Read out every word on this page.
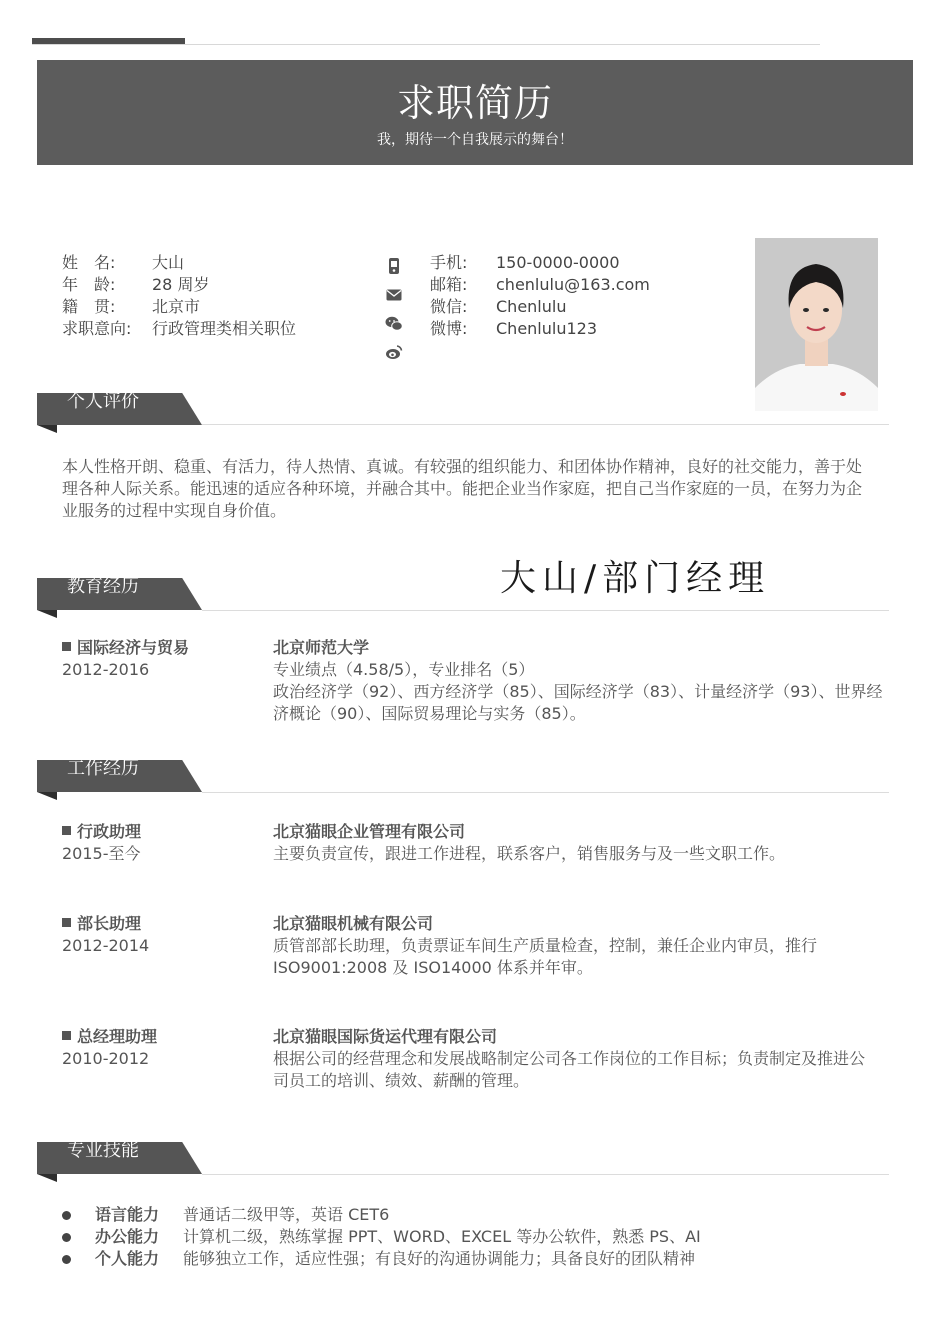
求职简历
我，期待一个自我展示的舞台！
姓　名: 大山
年　龄: 28 周岁
籍　贯: 北京市
求职意向: 行政管理类相关职位
手机: 150-0000-0000
邮箱: chenlulu@163.com
微信: Chenlulu
微博: Chenlulu123
个人评价
本人性格开朗、稳重、有活力，待人热情、真诚。有较强的组织能力、和团体协作精神，良好的社交能力，善于处理各种人际关系。能迅速的适应各种环境，并融合其中。能把企业当作家庭，把自己当作家庭的一员，在努力为企业服务的过程中实现自身价值。
大山/部门经理
教育经历
国际经济与贸易
2012-2016
北京师范大学
专业绩点（4.58/5），专业排名（5）
政治经济学（92）、西方经济学（85）、国际经济学（83）、计量经济学（93）、世界经济概论（90）、国际贸易理论与实务（85）。
工作经历
行政助理
2015-至今
北京猫眼企业管理有限公司
主要负责宣传，跟进工作进程，联系客户，销售服务与及一些文职工作。
部长助理
2012-2014
北京猫眼机械有限公司
质管部部长助理，负责票证车间生产质量检查，控制，兼任企业内审员，推行 ISO9001:2008 及 ISO14000 体系并年审。
总经理助理
2010-2012
北京猫眼国际货运代理有限公司
根据公司的经营理念和发展战略制定公司各工作岗位的工作目标；负责制定及推进公司员工的培训、绩效、薪酬的管理。
专业技能
语言能力 普通话二级甲等，英语 CET6
办公能力 计算机二级，熟练掌握 PPT、WORD、EXCEL 等办公软件，熟悉 PS、AI
个人能力 能够独立工作，适应性强；有良好的沟通协调能力；具备良好的团队精神
